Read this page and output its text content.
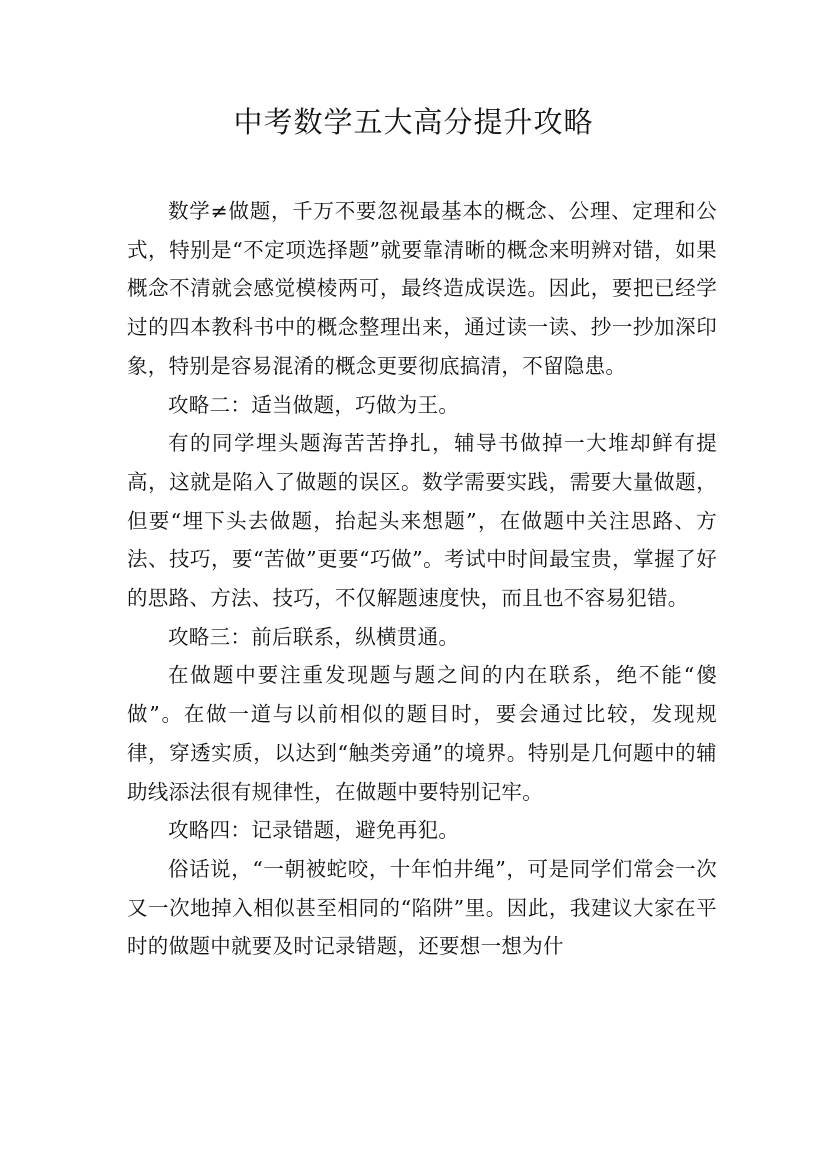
中考数学五大高分提升攻略

数学≠做题，千万不要忽视最基本的概念、公理、定理和公式，特别是“不定项选择题”就要靠清晰的概念来明辨对错，如果概念不清就会感觉模棱两可，最终造成误选。因此，要把已经学过的四本教科书中的概念整理出来，通过读一读、抄一抄加深印象，特别是容易混淆的概念更要彻底搞清，不留隐患。

攻略二：适当做题，巧做为王。

有的同学埋头题海苦苦挣扎，辅导书做掉一大堆却鲜有提高，这就是陷入了做题的误区。数学需要实践，需要大量做题，但要“埋下头去做题，抬起头来想题”，在做题中关注思路、方法、技巧，要“苦做”更要“巧做”。考试中时间最宝贵，掌握了好的思路、方法、技巧，不仅解题速度快，而且也不容易犯错。

攻略三：前后联系，纵横贯通。

在做题中要注重发现题与题之间的内在联系，绝不能“傻做”。在做一道与以前相似的题目时，要会通过比较，发现规律，穿透实质，以达到“触类旁通”的境界。特别是几何题中的辅助线添法很有规律性，在做题中要特别记牢。

攻略四：记录错题，避免再犯。

俗话说，“一朝被蛇咬，十年怕井绳”，可是同学们常会一次又一次地掉入相似甚至相同的“陷阱”里。因此，我建议大家在平时的做题中就要及时记录错题，还要想一想为什
